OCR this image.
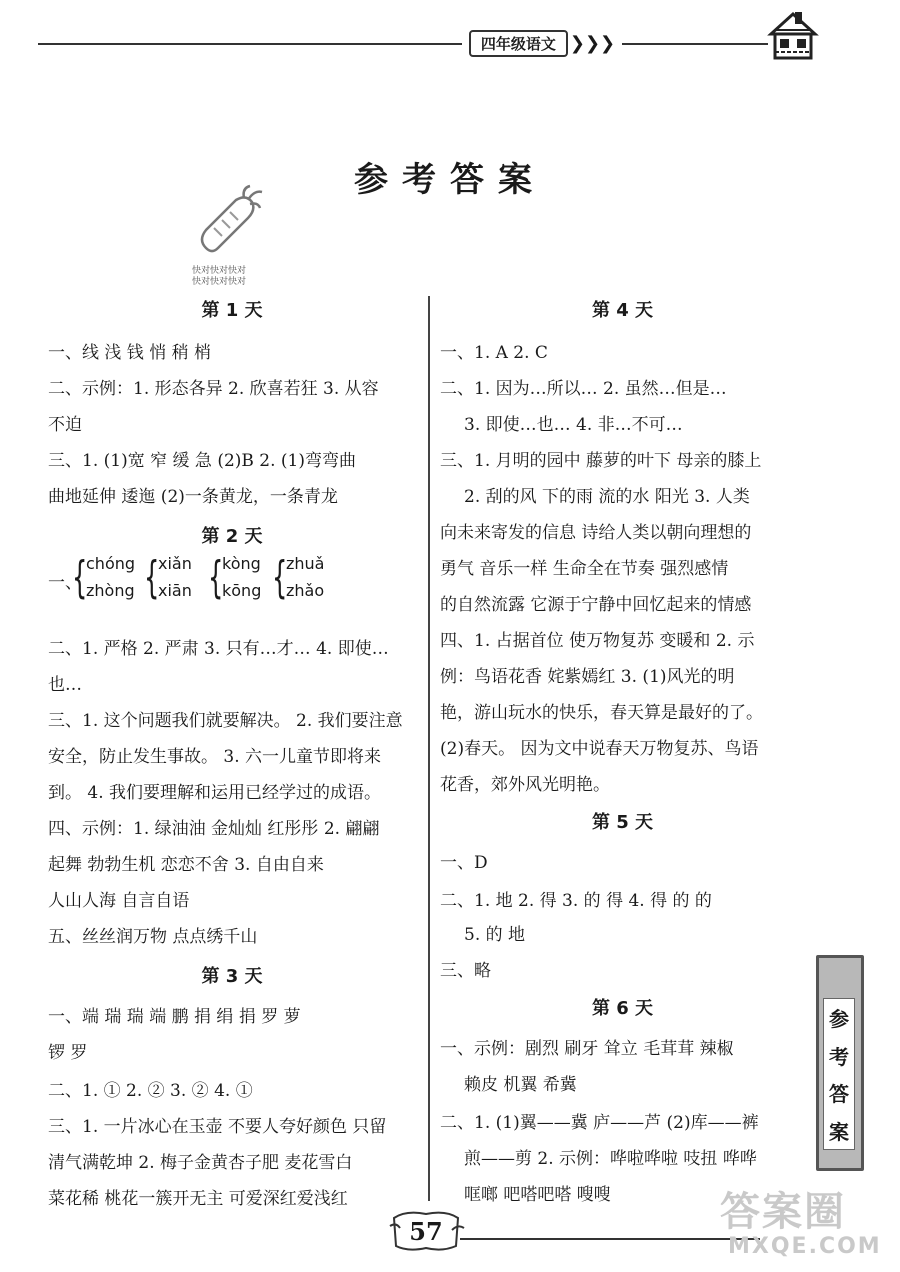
四年级语文 ❯❯❯
参考答案
快对快对快对
快对快对快对
第 1 天
一、线 浅 钱 悄 稍 梢
二、示例：1. 形态各异 2. 欣喜若狂 3. 从容
不迫
三、1. (1)宽 窄 缓 急 (2)B 2. (1)弯弯曲
曲地延伸 逶迤 (2)一条黄龙，一条青龙
第 2 天
一、
{
chóng
zhòng {
xiǎn
xiān {
kòng
kōng {
zhuǎ
zhǎo
二、1. 严格 2. 严肃 3. 只有…才… 4. 即使…
也…
三、1. 这个问题我们就要解决。 2. 我们要注意
安全，防止发生事故。 3. 六一儿童节即将来
到。 4. 我们要理解和运用已经学过的成语。
四、示例：1. 绿油油 金灿灿 红彤彤 2. 翩翩
起舞 勃勃生机 恋恋不舍 3. 自由自来
人山人海 自言自语
五、丝丝润万物 点点绣千山
第 3 天
一、端 瑞 瑞 端 鹏 捐 绢 捐 罗 萝
锣 罗
二、1. ① 2. ② 3. ② 4. ①
三、1. 一片冰心在玉壶 不要人夸好颜色 只留
清气满乾坤 2. 梅子金黄杏子肥 麦花雪白
菜花稀 桃花一簇开无主 可爱深红爱浅红
第 4 天
一、1. A 2. C
二、1. 因为…所以… 2. 虽然…但是…
3. 即使…也… 4. 非…不可…
三、1. 月明的园中 藤萝的叶下 母亲的膝上
2. 刮的风 下的雨 流的水 阳光 3. 人类
向未来寄发的信息 诗给人类以朝向理想的
勇气 音乐一样 生命全在节奏 强烈感情
的自然流露 它源于宁静中回忆起来的情感
四、1. 占据首位 使万物复苏 变暖和 2. 示
例：鸟语花香 姹紫嫣红 3. (1)风光的明
艳，游山玩水的快乐，春天算是最好的了。
(2)春天。 因为文中说春天万物复苏、鸟语
花香，郊外风光明艳。
第 5 天
一、D
二、1. 地 2. 得 3. 的 得 4. 得 的 的
5. 的 地
三、略
第 6 天
一、示例：剧烈 刷牙 耸立 毛茸茸 辣椒
赖皮 机翼 希冀
二、1. (1)翼——冀 庐——芦 (2)库——裤
煎——剪 2. 示例：哗啦哗啦 吱扭 哗哗
哐啷 吧嗒吧嗒 嗖嗖
参
考
答
案
57	答案圈
MXQE.COM
